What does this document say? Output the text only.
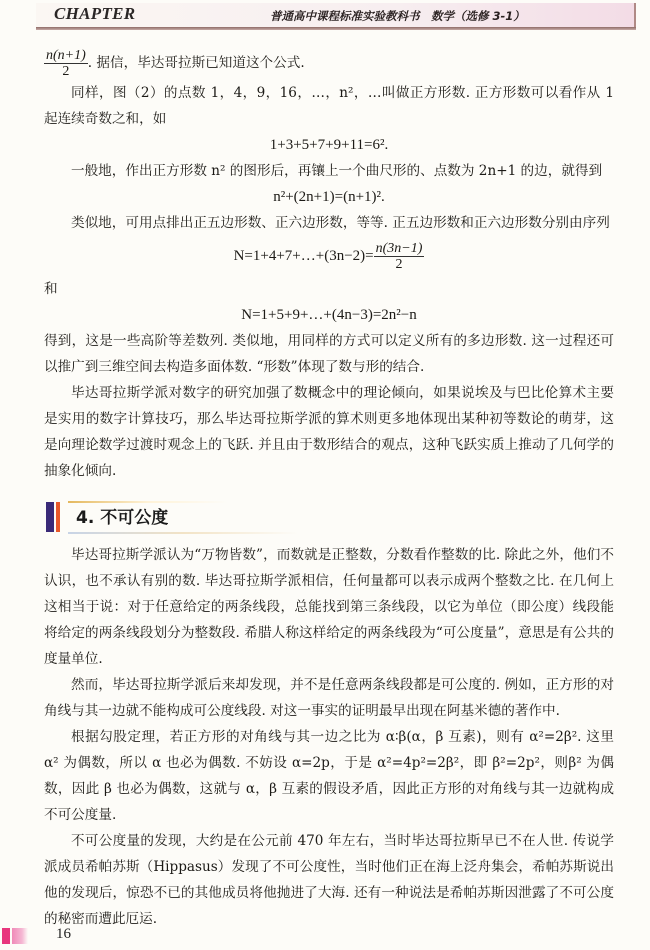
CHAPTER	普通高中课程标准实验教科书　数学（选修 3-1）

$\frac{n(n+1)}{2}$ . 据信，毕达哥拉斯已知道这个公式.

同样，图（2）的点数 1，4，9，16，…，n²，…叫做正方形数. 正方形数可以看作从 1 起连续奇数之和，如

1+3+5+7+9+11=6².

一般地，作出正方形数 n² 的图形后，再镶上一个曲尺形的、点数为 2n+1 的边，就得到

n²+(2n+1)=(n+1)².

类似地，可用点排出正五边形数、正六边形数，等等. 正五边形数和正六边形数分别由序列

N=1+4+7+…+(3n−2)= $\frac{n(3n-1)}{2}$

和

N=1+5+9+…+(4n−3)=2n²−n

得到，这是一些高阶等差数列. 类似地，用同样的方式可以定义所有的多边形数. 这一过程还可以推广到三维空间去构造多面体数. “形数”体现了数与形的结合.

毕达哥拉斯学派对数字的研究加强了数概念中的理论倾向，如果说埃及与巴比伦算术主要是实用的数字计算技巧，那么毕达哥拉斯学派的算术则更多地体现出某种初等数论的萌芽，这是向理论数学过渡时观念上的飞跃. 并且由于数形结合的观点，这种飞跃实质上推动了几何学的抽象化倾向.

4. 不可公度

毕达哥拉斯学派认为“万物皆数”，而数就是正整数，分数看作整数的比. 除此之外，他们不认识，也不承认有别的数. 毕达哥拉斯学派相信，任何量都可以表示成两个整数之比. 在几何上这相当于说：对于任意给定的两条线段，总能找到第三条线段，以它为单位（即公度）线段能将给定的两条线段划分为整数段. 希腊人称这样给定的两条线段为“可公度量”，意思是有公共的度量单位.

然而，毕达哥拉斯学派后来却发现，并不是任意两条线段都是可公度的. 例如，正方形的对角线与其一边就不能构成可公度线段. 对这一事实的证明最早出现在阿基米德的著作中.

根据勾股定理，若正方形的对角线与其一边之比为 α∶β(α，β 互素)，则有 α²=2β². 这里 α² 为偶数，所以 α 也必为偶数. 不妨设 α=2p，于是 α²=4p²=2β²，即 β²=2p²，则β² 为偶数，因此 β 也必为偶数，这就与 α，β 互素的假设矛盾，因此正方形的对角线与其一边就构成不可公度量.

不可公度量的发现，大约是在公元前 470 年左右，当时毕达哥拉斯早已不在人世. 传说学派成员希帕苏斯（Hippasus）发现了不可公度性，当时他们正在海上泛舟集会，希帕苏斯说出他的发现后，惊恐不已的其他成员将他抛进了大海. 还有一种说法是希帕苏斯因泄露了不可公度的秘密而遭此厄运.

16
